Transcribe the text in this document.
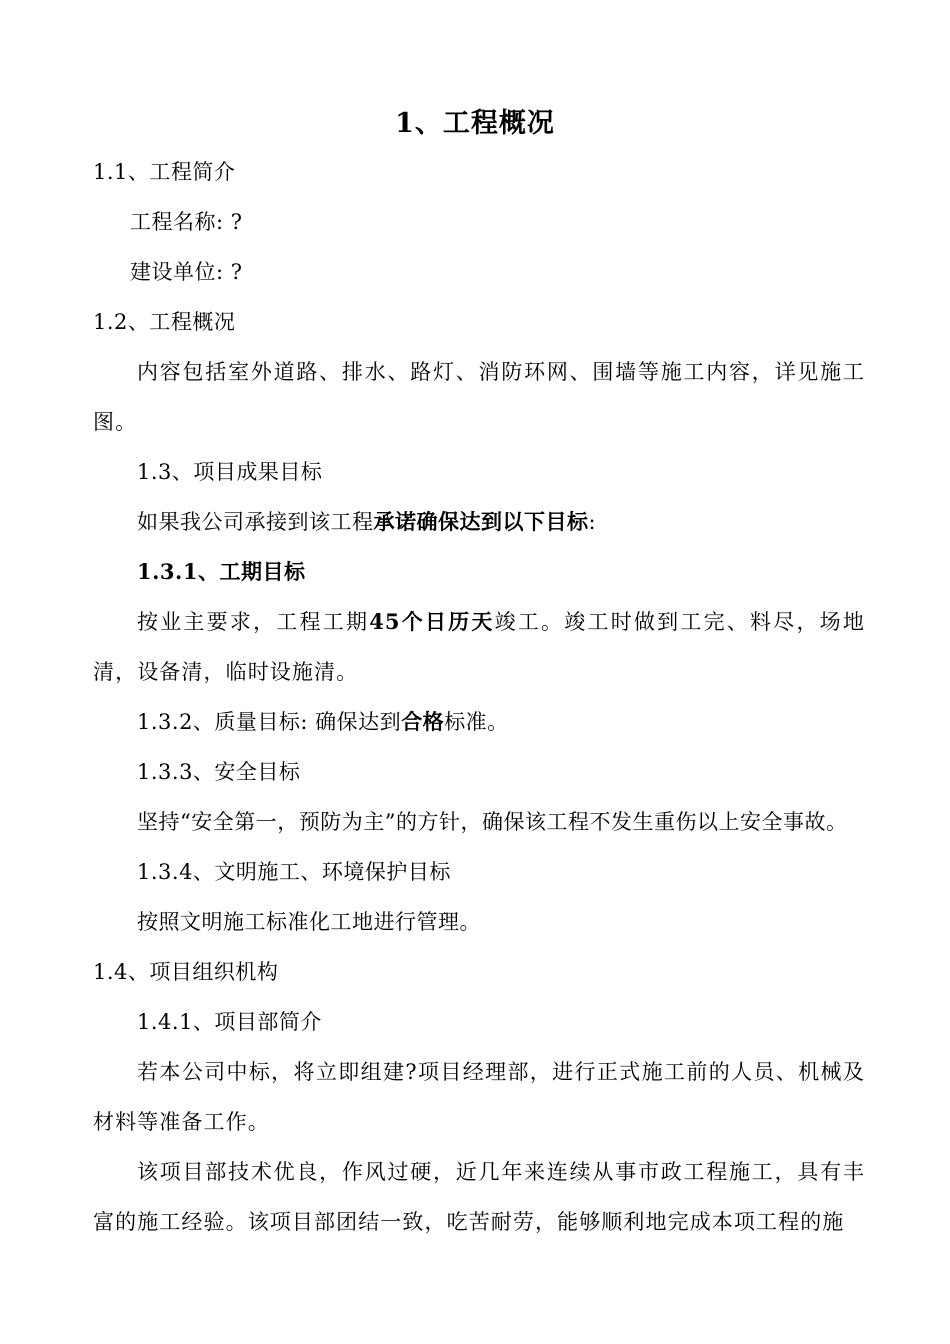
1、工程概况
1.1、工程简介
工程名称: ?
建设单位: ?
1.2、工程概况
内容包括室外道路、排水、路灯、消防环网、围墙等施工内容，详见施工图。
1.3、项目成果目标
如果我公司承接到该工程承诺确保达到以下目标:
1.3.1、工期目标
按业主要求，工程工期45个日历天竣工。竣工时做到工完、料尽，场地清，设备清，临时设施清。
1.3.2、质量目标: 确保达到合格标准。
1.3.3、安全目标
坚持“安全第一，预防为主”的方针，确保该工程不发生重伤以上安全事故。
1.3.4、文明施工、环境保护目标
按照文明施工标准化工地进行管理。
1.4、项目组织机构
1.4.1、项目部简介
若本公司中标，将立即组建?项目经理部，进行正式施工前的人员、机械及材料等准备工作。
该项目部技术优良，作风过硬，近几年来连续从事市政工程施工，具有丰富的施工经验。该项目部团结一致，吃苦耐劳，能够顺利地完成本项工程的施
